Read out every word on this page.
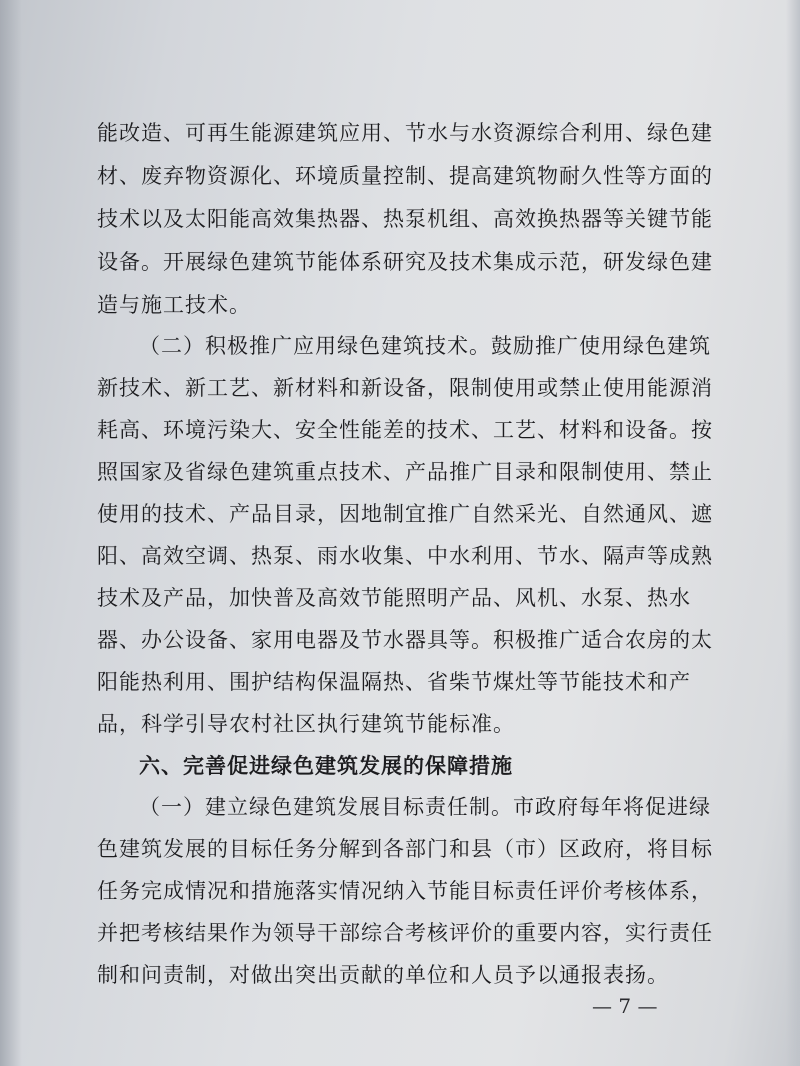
能改造、可再生能源建筑应用、节水与水资源综合利用、绿色建
材、废弃物资源化、环境质量控制、提高建筑物耐久性等方面的
技术以及太阳能高效集热器、热泵机组、高效换热器等关键节能
设备。开展绿色建筑节能体系研究及技术集成示范，研发绿色建
造与施工技术。
（二）积极推广应用绿色建筑技术。鼓励推广使用绿色建筑
新技术、新工艺、新材料和新设备，限制使用或禁止使用能源消
耗高、环境污染大、安全性能差的技术、工艺、材料和设备。按
照国家及省绿色建筑重点技术、产品推广目录和限制使用、禁止
使用的技术、产品目录，因地制宜推广自然采光、自然通风、遮
阳、高效空调、热泵、雨水收集、中水利用、节水、隔声等成熟
技术及产品，加快普及高效节能照明产品、风机、水泵、热水
器、办公设备、家用电器及节水器具等。积极推广适合农房的太
阳能热利用、围护结构保温隔热、省柴节煤灶等节能技术和产
品，科学引导农村社区执行建筑节能标准。
六、完善促进绿色建筑发展的保障措施
（一）建立绿色建筑发展目标责任制。市政府每年将促进绿
色建筑发展的目标任务分解到各部门和县（市）区政府，将目标
任务完成情况和措施落实情况纳入节能目标责任评价考核体系，
并把考核结果作为领导干部综合考核评价的重要内容，实行责任
制和问责制，对做出突出贡献的单位和人员予以通报表扬。
— 7 —
